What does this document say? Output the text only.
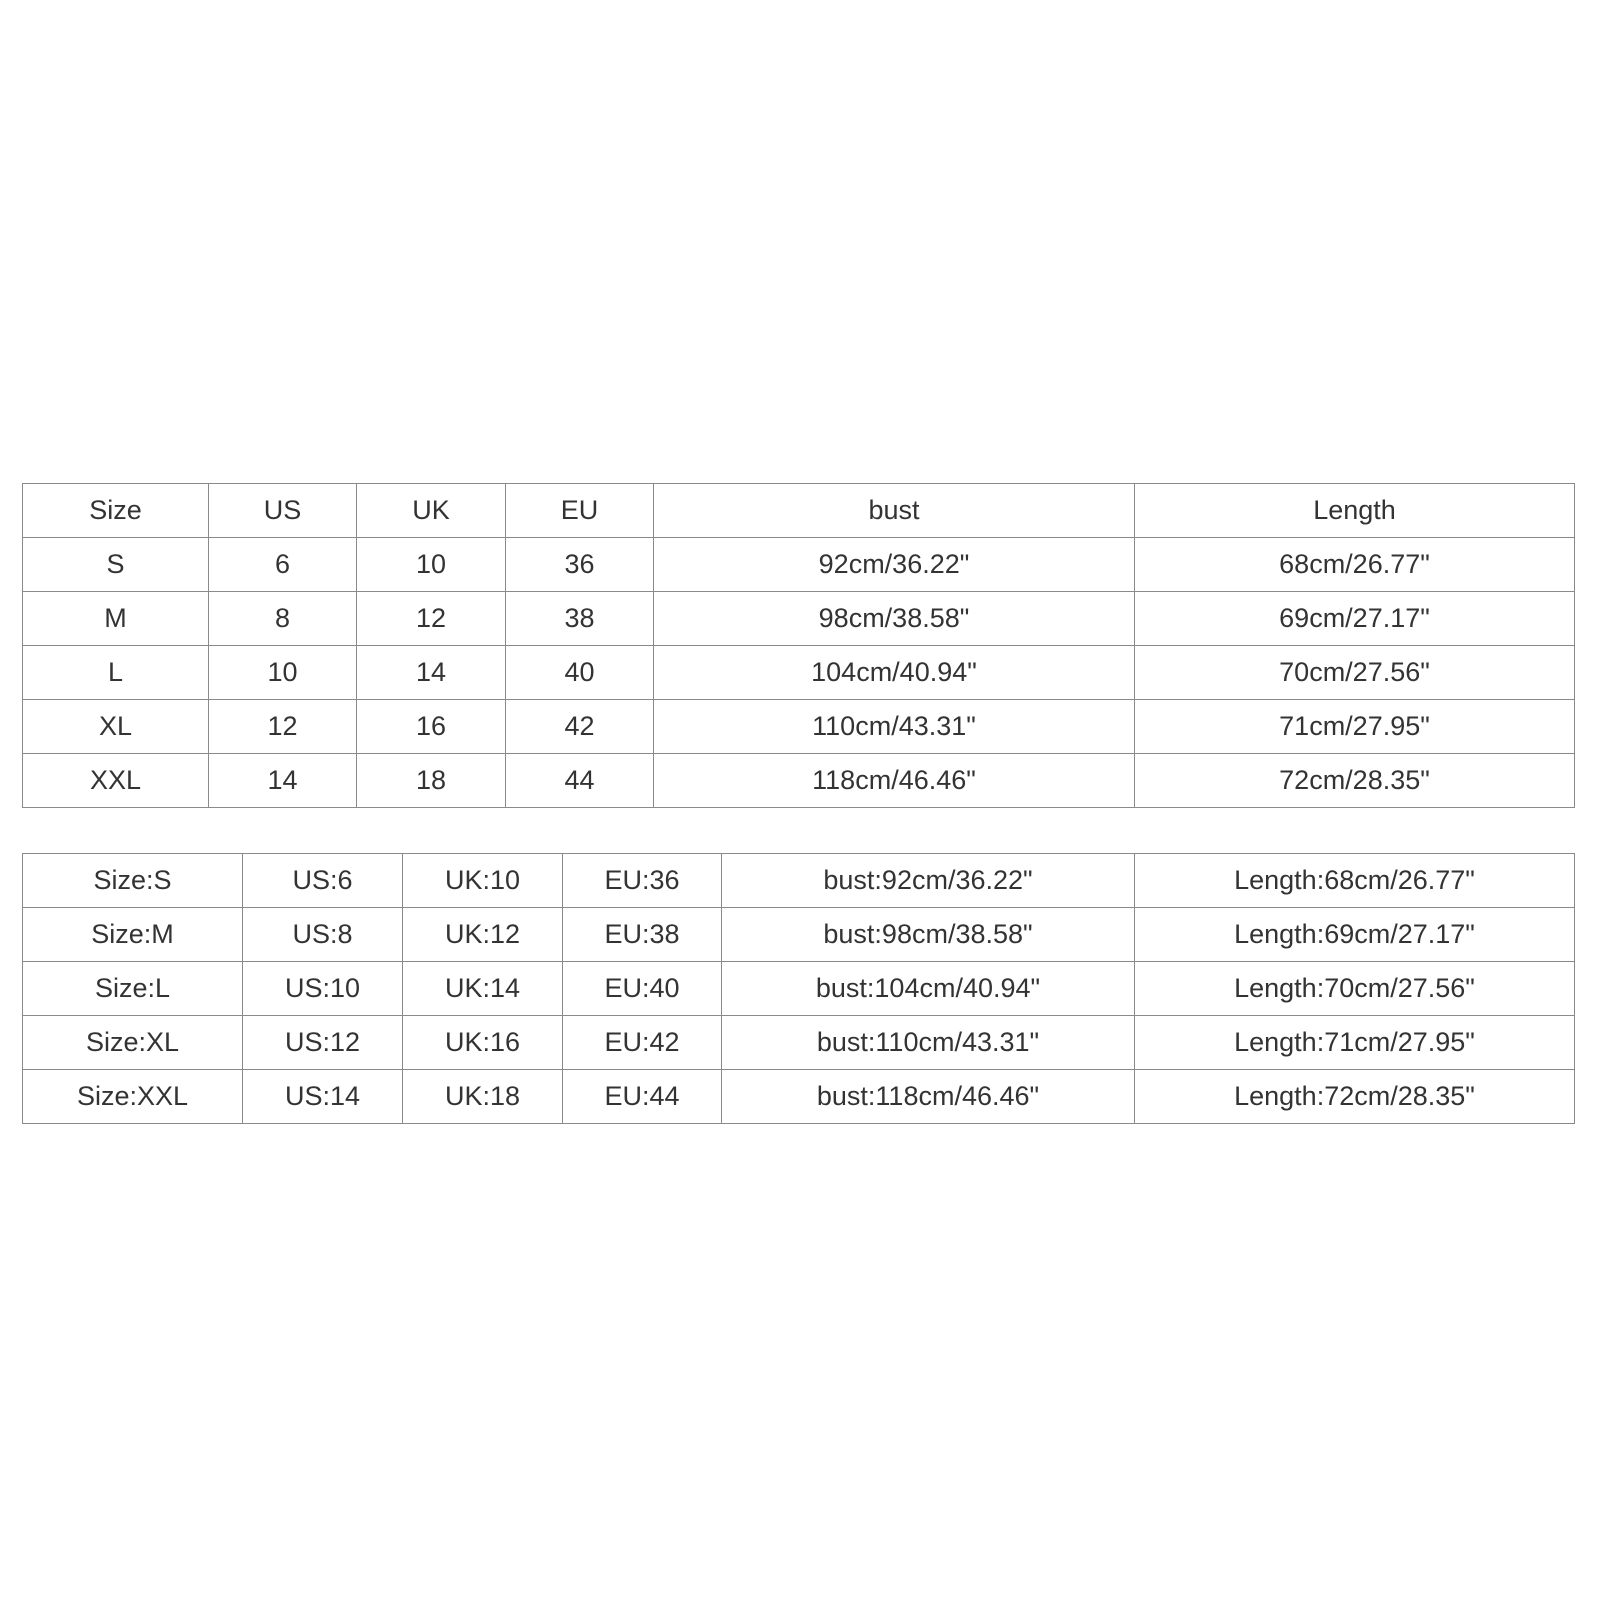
Size	US	UK	EU	bust	Length
S	6	10	36	92cm/36.22"	68cm/26.77"
M	8	12	38	98cm/38.58"	69cm/27.17"
L	10	14	40	104cm/40.94"	70cm/27.56"
XL	12	16	42	110cm/43.31"	71cm/27.95"
XXL	14	18	44	118cm/46.46"	72cm/28.35"
Size:S	US:6	UK:10	EU:36	bust:92cm/36.22"	Length:68cm/26.77"
Size:M	US:8	UK:12	EU:38	bust:98cm/38.58"	Length:69cm/27.17"
Size:L	US:10	UK:14	EU:40	bust:104cm/40.94"	Length:70cm/27.56"
Size:XL	US:12	UK:16	EU:42	bust:110cm/43.31"	Length:71cm/27.95"
Size:XXL	US:14	UK:18	EU:44	bust:118cm/46.46"	Length:72cm/28.35"
